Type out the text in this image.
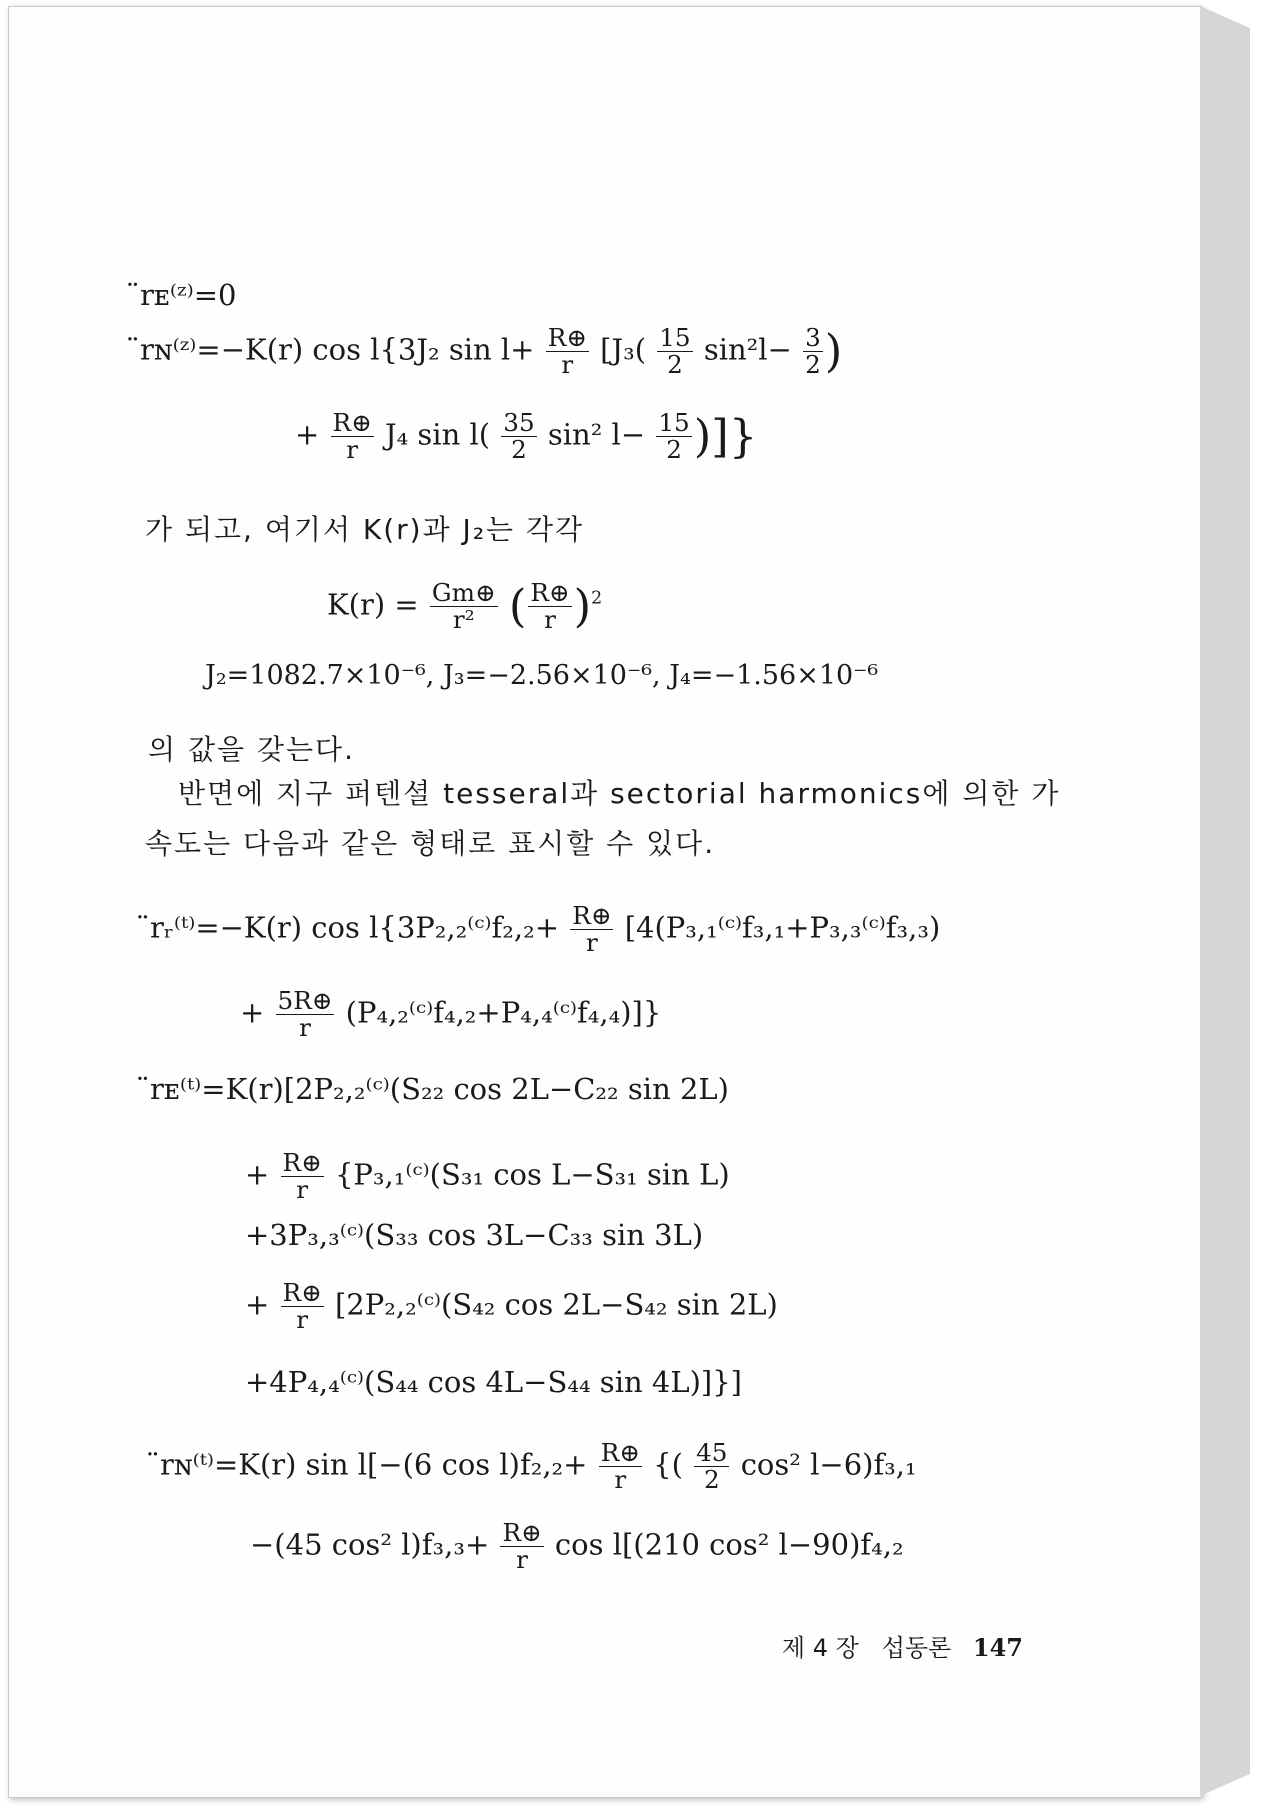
̈rᴇ⁽ᶻ⁾=0
̈rɴ⁽ᶻ⁾=−K(r) cos l{3J₂ $\sin l+ \frac{R\oplus}{r} [J_3( \frac{15}{2} \sin^2l- \frac{3}{2}$ )
+ $\frac{R\oplus}{r} J_4$ $\sin l( \frac{35}{2} \sin^2$ $l- \frac{15}{2}$ )]}
가 되고, 여기서 K(r)과 J₂는 각각
$K(r) = \frac{Gm\oplus}{\text{r²}}$ ( $\frac{R\oplus}{r} )^2$
J₂=1082.7×10⁻⁶, J₃=−2.56×10⁻⁶, J₄=−1.56×10⁻⁶
의 값을 갖는다.
반면에 지구 퍼텐셜 tesseral과 sectorial harmonics에 의한 가
속도는 다음과 같은 형태로 표시할 수 있다.
̈rᵣ⁽ᵗ⁾=−K(r) cos l{3P₂,₂⁽ᶜ⁾f₂,₂+ $\frac{R\oplus}{r}$ [4(P₃,₁⁽ᶜ⁾f₃,₁+P₃,₃⁽ᶜ⁾f₃,₃)
+ $\frac{5R\oplus}{r}$ (P₄,₂⁽ᶜ⁾f₄,₂+P₄,₄⁽ᶜ⁾f₄,₄)]}
̈rᴇ⁽ᵗ⁾=K(r)[2P₂,₂⁽ᶜ⁾(S₂₂ cos 2L−C₂₂ sin 2L)
+ $\frac{R\oplus}{r}$ {P₃,₁⁽ᶜ⁾(S₃₁ cos L−S₃₁ sin L)
+3P₃,₃⁽ᶜ⁾(S₃₃ cos 3L−C₃₃ sin 3L)
+ $\frac{R\oplus}{r}$ [2P₂,₂⁽ᶜ⁾(S₄₂ cos 2L−S₄₂ sin 2L)
+4P₄,₄⁽ᶜ⁾(S₄₄ cos 4L−S₄₄ sin 4L)]}]
̈rɴ⁽ᵗ⁾=K(r) sin l[−(6 $\cos l)f_2,_2+ \frac{R\oplus}{r}$ {( $\frac{45}{2} \cos^2$ l−6)f₃,₁
−(45 cos² $l)f_3,_3+ \frac{R\oplus}{r}$ cos l[(210 cos² l−90)f₄,₂
제 4 장 섭동론 147
